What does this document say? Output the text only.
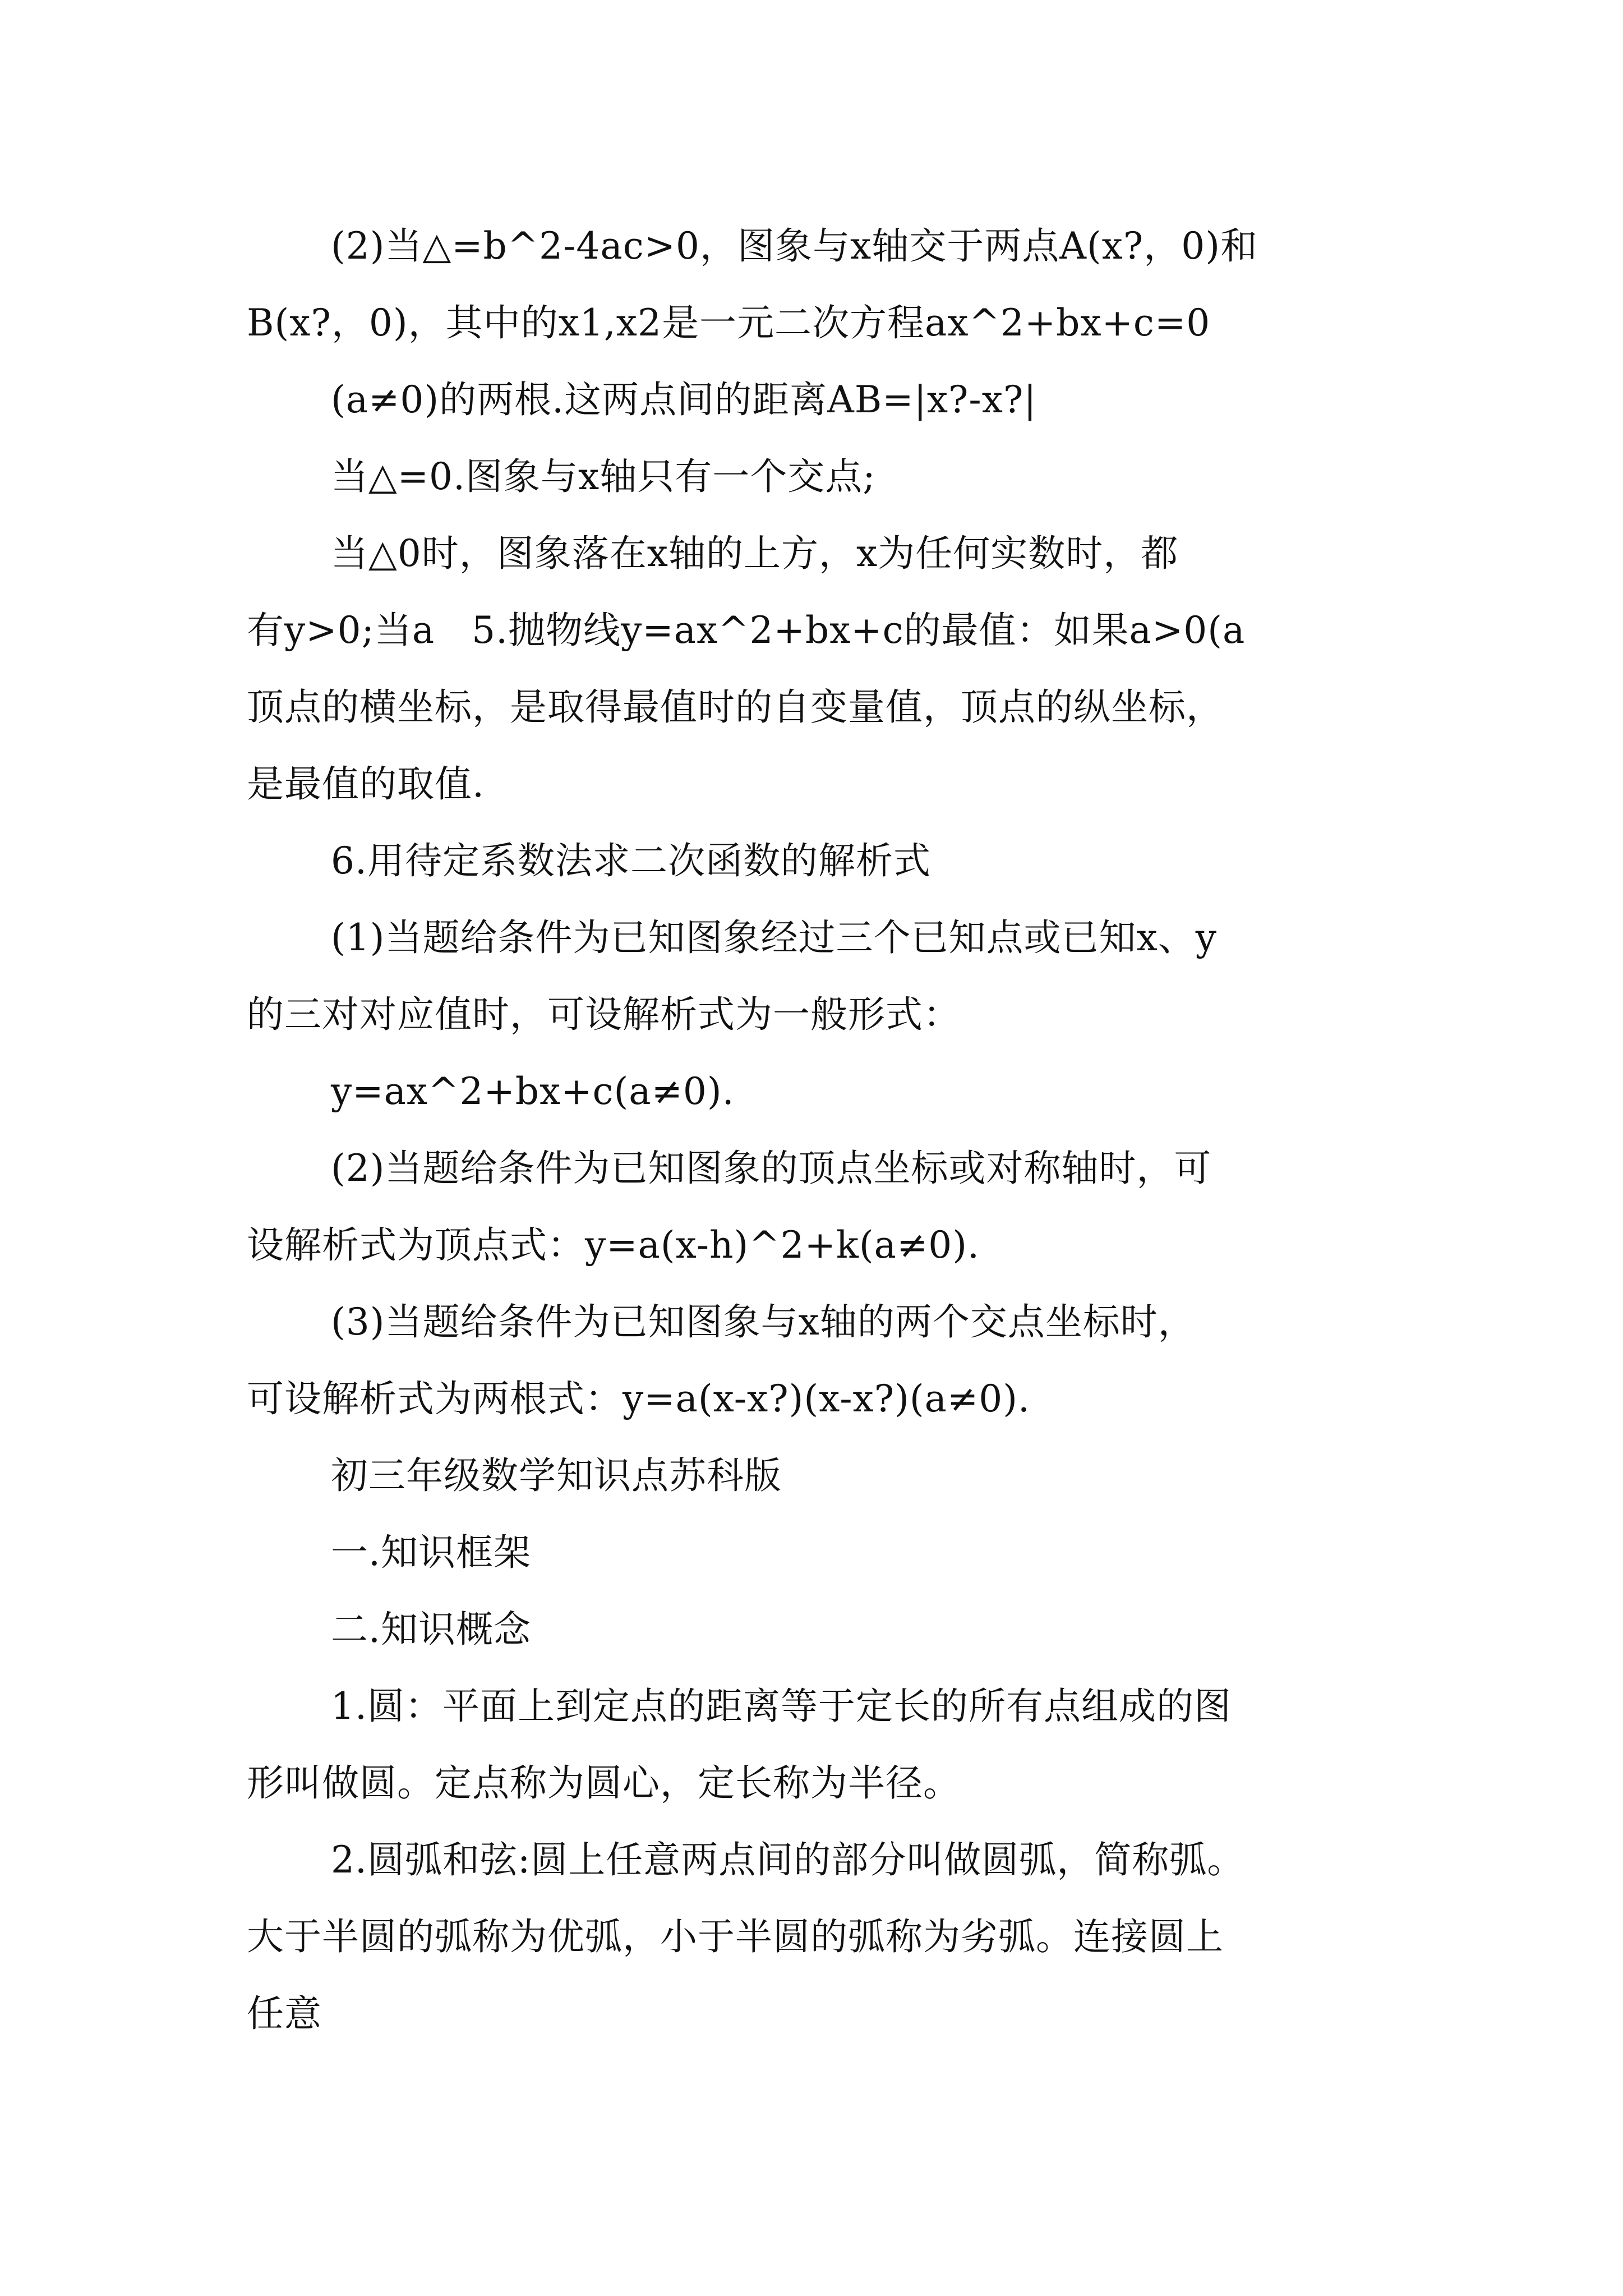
(2)当△=b^2-4ac>0，图象与x轴交于两点A(x?，0)和
B(x?，0)，其中的x1,x2是一元二次方程ax^2+bx+c=0
(a≠0)的两根.这两点间的距离AB=|x?-x?|
当△=0.图象与x轴只有一个交点;
当△0时，图象落在x轴的上方，x为任何实数时，都
有y>0;当a   5.抛物线y=ax^2+bx+c的最值：如果a>0(a
顶点的横坐标，是取得最值时的自变量值，顶点的纵坐标，
是最值的取值.
6.用待定系数法求二次函数的解析式
(1)当题给条件为已知图象经过三个已知点或已知x、y
的三对对应值时，可设解析式为一般形式：
y=ax^2+bx+c(a≠0).
(2)当题给条件为已知图象的顶点坐标或对称轴时，可
设解析式为顶点式：y=a(x-h)^2+k(a≠0).
(3)当题给条件为已知图象与x轴的两个交点坐标时，
可设解析式为两根式：y=a(x-x?)(x-x?)(a≠0).
初三年级数学知识点苏科版
一.知识框架
二.知识概念
1.圆：平面上到定点的距离等于定长的所有点组成的图
形叫做圆。定点称为圆心，定长称为半径。
2.圆弧和弦:圆上任意两点间的部分叫做圆弧，简称弧。
大于半圆的弧称为优弧，小于半圆的弧称为劣弧。连接圆上
任意
